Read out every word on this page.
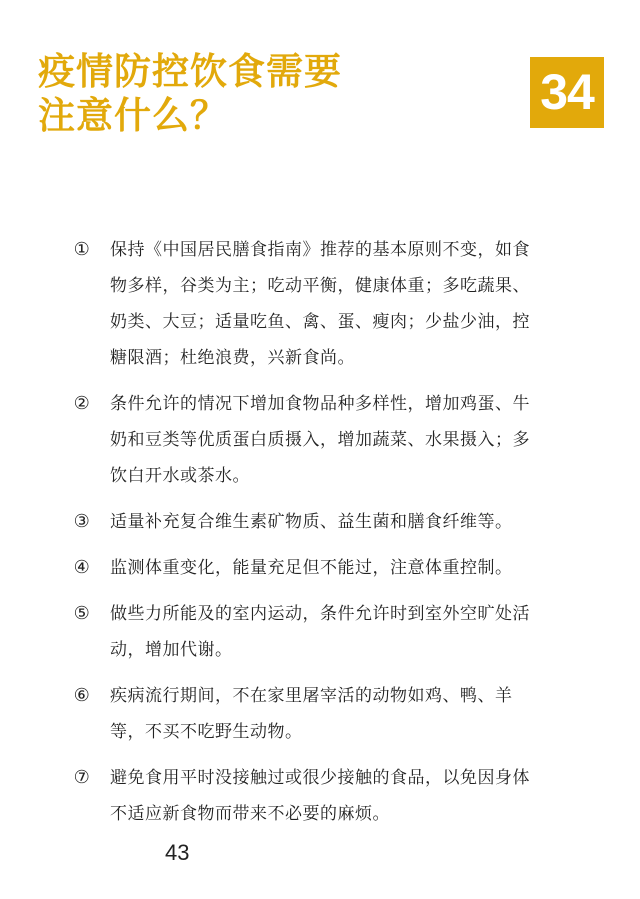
疫情防控饮食需要
注意什么？	34
① 保持《中国居民膳食指南》推荐的基本原则不变，如食物多样，谷类为主；吃动平衡，健康体重；多吃蔬果、奶类、大豆；适量吃鱼、禽、蛋、瘦肉；少盐少油，控糖限酒；杜绝浪费，兴新食尚。
② 条件允许的情况下增加食物品种多样性，增加鸡蛋、牛奶和豆类等优质蛋白质摄入，增加蔬菜、水果摄入；多饮白开水或茶水。
③ 适量补充复合维生素矿物质、益生菌和膳食纤维等。
④ 监测体重变化，能量充足但不能过，注意体重控制。
⑤ 做些力所能及的室内运动，条件允许时到室外空旷处活动，增加代谢。
⑥ 疾病流行期间，不在家里屠宰活的动物如鸡、鸭、羊等，不买不吃野生动物。
⑦ 避免食用平时没接触过或很少接触的食品，以免因身体不适应新食物而带来不必要的麻烦。
43
